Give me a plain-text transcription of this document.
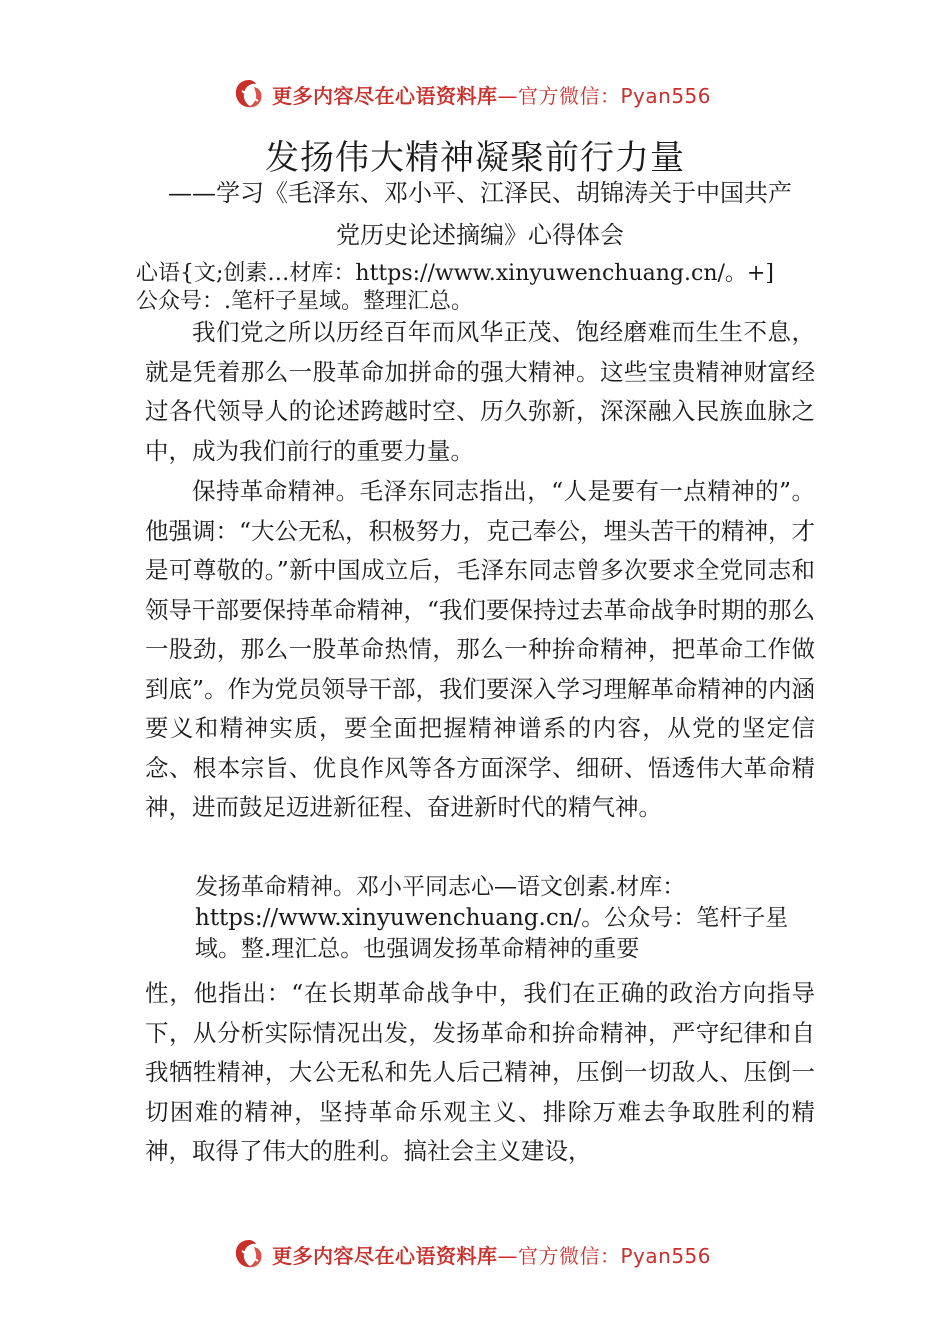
更多内容尽在心语资料库—官方微信：Pyan556
发扬伟大精神凝聚前行力量
——学习《毛泽东、邓小平、江泽民、胡锦涛关于中国共产
党历史论述摘编》心得体会
心语{文;创素…材库：https://www.xinyuwenchuang.cn/。+]
公众号：.笔杆子星域。整理汇总。

我们党之所以历经百年而风华正茂、饱经磨难而生生不息，就是凭着那么一股革命加拼命的强大精神。这些宝贵精神财富经过各代领导人的论述跨越时空、历久弥新，深深融入民族血脉之中，成为我们前行的重要力量。

保持革命精神。毛泽东同志指出，“人是要有一点精神的”。他强调：“大公无私，积极努力，克己奉公，埋头苦干的精神，才是可尊敬的。”新中国成立后，毛泽东同志曾多次要求全党同志和领导干部要保持革命精神，“我们要保持过去革命战争时期的那么一股劲，那么一股革命热情，那么一种拚命精神，把革命工作做到底”。作为党员领导干部，我们要深入学习理解革命精神的内涵要义和精神实质，要全面把握精神谱系的内容，从党的坚定信念、根本宗旨、优良作风等各方面深学、细研、悟透伟大革命精神，进而鼓足迈进新征程、奋进新时代的精气神。

发扬革命精神。邓小平同志心—语文创素.材库：https://www.xinyuwenchuang.cn/。公众号：笔杆子星域。整.理汇总。也强调发扬革命精神的重要

性，他指出：“在长期革命战争中，我们在正确的政治方向指导下，从分析实际情况出发，发扬革命和拚命精神，严守纪律和自我牺牲精神，大公无私和先人后己精神，压倒一切敌人、压倒一切困难的精神，坚持革命乐观主义、排除万难去争取胜利的精神，取得了伟大的胜利。搞社会主义建设，

更多内容尽在心语资料库—官方微信：Pyan556
